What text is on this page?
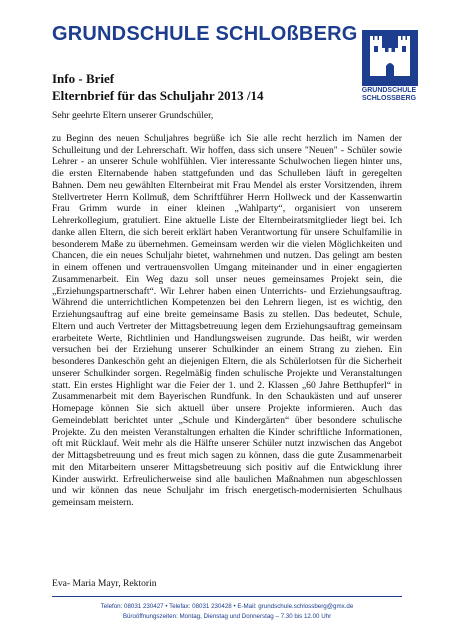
GRUNDSCHULE SCHLOßBERG
GRUNDSCHULE
SCHLOSSBERG
Info - Brief
Elternbrief für das Schuljahr 2013 /14

Sehr geehrte Eltern unserer Grundschüler,

zu Beginn des neuen Schuljahres begrüße ich Sie alle recht herzlich im Namen der Schulleitung und der Lehrerschaft. Wir hoffen, dass sich unsere "Neuen" - Schüler sowie Lehrer - an unserer Schule wohlfühlen. Vier interessante Schulwochen liegen hinter uns, die ersten Elternabende haben stattgefunden und das Schulleben läuft in geregelten Bahnen. Dem neu gewählten Elternbeirat mit Frau Mendel als erster Vorsitzenden, ihrem Stellvertreter Herrn Kollmuß, dem Schriftführer Herrn Hollweck und der Kassenwartin Frau Grimm wurde in einer kleinen „Wahlparty“, organisiert von unserem Lehrerkollegium, gratuliert. Eine aktuelle Liste der Elternbeiratsmitglieder liegt bei. Ich danke allen Eltern, die sich bereit erklärt haben Verantwortung für unsere Schulfamilie in besonderem Maße zu übernehmen. Gemeinsam werden wir die vielen Möglichkeiten und Chancen, die ein neues Schuljahr bietet, wahrnehmen und nutzen. Das gelingt am besten in einem offenen und vertrauensvollen Umgang miteinander und in einer engagierten Zusammenarbeit. Ein Weg dazu soll unser neues gemeinsames Projekt sein, die „Erziehungspartnerschaft“. Wir Lehrer haben einen Unterrichts- und Erziehungsauftrag. Während die unterrichtlichen Kompetenzen bei den Lehrern liegen, ist es wichtig, den Erziehungsauftrag auf eine breite gemeinsame Basis zu stellen. Das bedeutet, Schule, Eltern und auch Vertreter der Mittagsbetreuung legen dem Erziehungsauftrag gemeinsam erarbeitete Werte, Richtlinien und Handlungsweisen zugrunde. Das heißt, wir werden versuchen bei der Erziehung unserer Schulkinder an einem Strang zu ziehen. Ein besonderes Dankeschön geht an diejenigen Eltern, die als Schülerlotsen für die Sicherheit unserer Schulkinder sorgen. Regelmäßig finden schulische Projekte und Veranstaltungen statt. Ein erstes Highlight war die Feier der 1. und 2. Klassen „60 Jahre Betthupferl“ in Zusammenarbeit mit dem Bayerischen Rundfunk. In den Schaukästen und auf unserer Homepage können Sie sich aktuell über unsere Projekte informieren. Auch das Gemeindeblatt berichtet unter „Schule und Kindergärten“ über besondere schulische Projekte. Zu den meisten Veranstaltungen erhalten die Kinder schriftliche Informationen, oft mit Rücklauf. Weit mehr als die Hälfte unserer Schüler nutzt inzwischen das Angebot der Mittagsbetreuung und es freut mich sagen zu können, dass die gute Zusammenarbeit mit den Mitarbeitern unserer Mittagsbetreuung sich positiv auf die Entwicklung ihrer Kinder auswirkt. Erfreulicherweise sind alle baulichen Maßnahmen nun abgeschlossen und wir können das neue Schuljahr im frisch energetisch-modernisierten Schulhaus gemeinsam meistern.

Eva- Maria Mayr, Rektorin
Telefon: 08031 230427 • Telefax: 08031 230428 • E-Mail: grundschule.schlossberg@gmx.de
Büroöffnungszeiten: Montag, Dienstag und Donnerstag – 7.30 bis 12.00 Uhr
